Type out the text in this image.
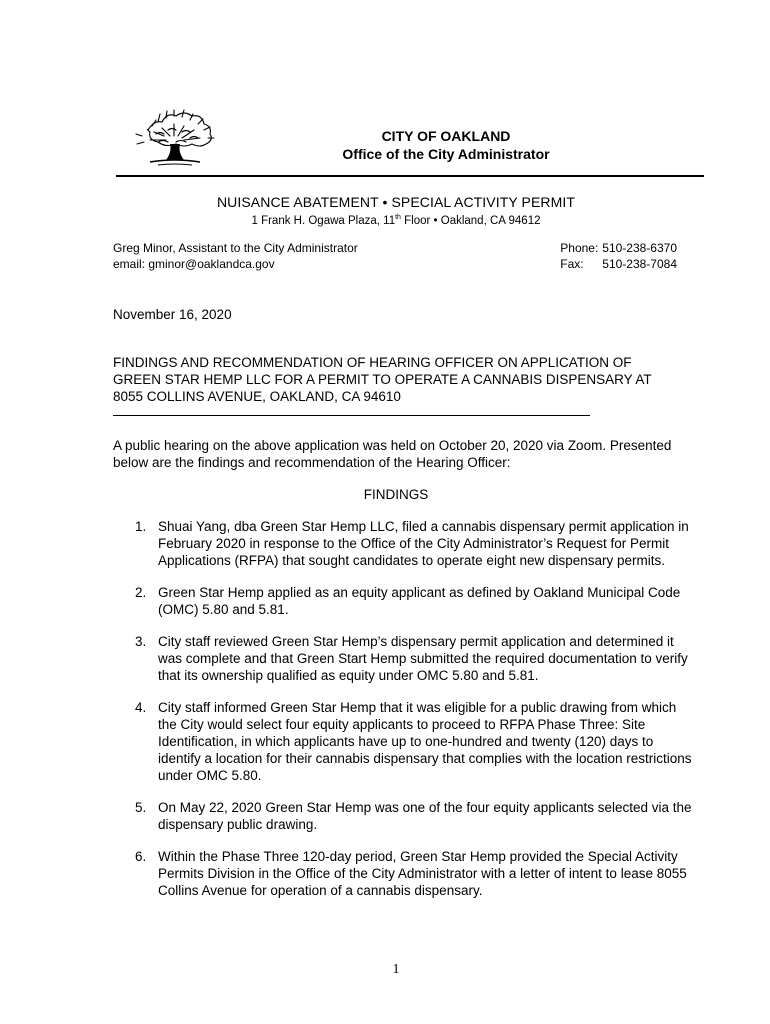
CITY OF OAKLAND
Office of the City Administrator
NUISANCE ABATEMENT • SPECIAL ACTIVITY PERMIT
1 Frank H. Ogawa Plaza, 11th Floor • Oakland, CA 94612
Greg Minor, Assistant to the City Administrator
email: gminor@oaklandca.gov
Phone: 510-238-6370
Fax: 510-238-7084
November 16, 2020
FINDINGS AND RECOMMENDATION OF HEARING OFFICER ON APPLICATION OF GREEN STAR HEMP LLC FOR A PERMIT TO OPERATE A CANNABIS DISPENSARY AT 8055 COLLINS AVENUE, OAKLAND, CA 94610
A public hearing on the above application was held on October 20, 2020 via Zoom. Presented below are the findings and recommendation of the Hearing Officer:
FINDINGS
1. Shuai Yang, dba Green Star Hemp LLC, filed a cannabis dispensary permit application in February 2020 in response to the Office of the City Administrator’s Request for Permit Applications (RFPA) that sought candidates to operate eight new dispensary permits.
2. Green Star Hemp applied as an equity applicant as defined by Oakland Municipal Code (OMC) 5.80 and 5.81.
3. City staff reviewed Green Star Hemp’s dispensary permit application and determined it was complete and that Green Start Hemp submitted the required documentation to verify that its ownership qualified as equity under OMC 5.80 and 5.81.
4. City staff informed Green Star Hemp that it was eligible for a public drawing from which the City would select four equity applicants to proceed to RFPA Phase Three: Site Identification, in which applicants have up to one-hundred and twenty (120) days to identify a location for their cannabis dispensary that complies with the location restrictions under OMC 5.80.
5. On May 22, 2020 Green Star Hemp was one of the four equity applicants selected via the dispensary public drawing.
6. Within the Phase Three 120-day period, Green Star Hemp provided the Special Activity Permits Division in the Office of the City Administrator with a letter of intent to lease 8055 Collins Avenue for operation of a cannabis dispensary.
1
